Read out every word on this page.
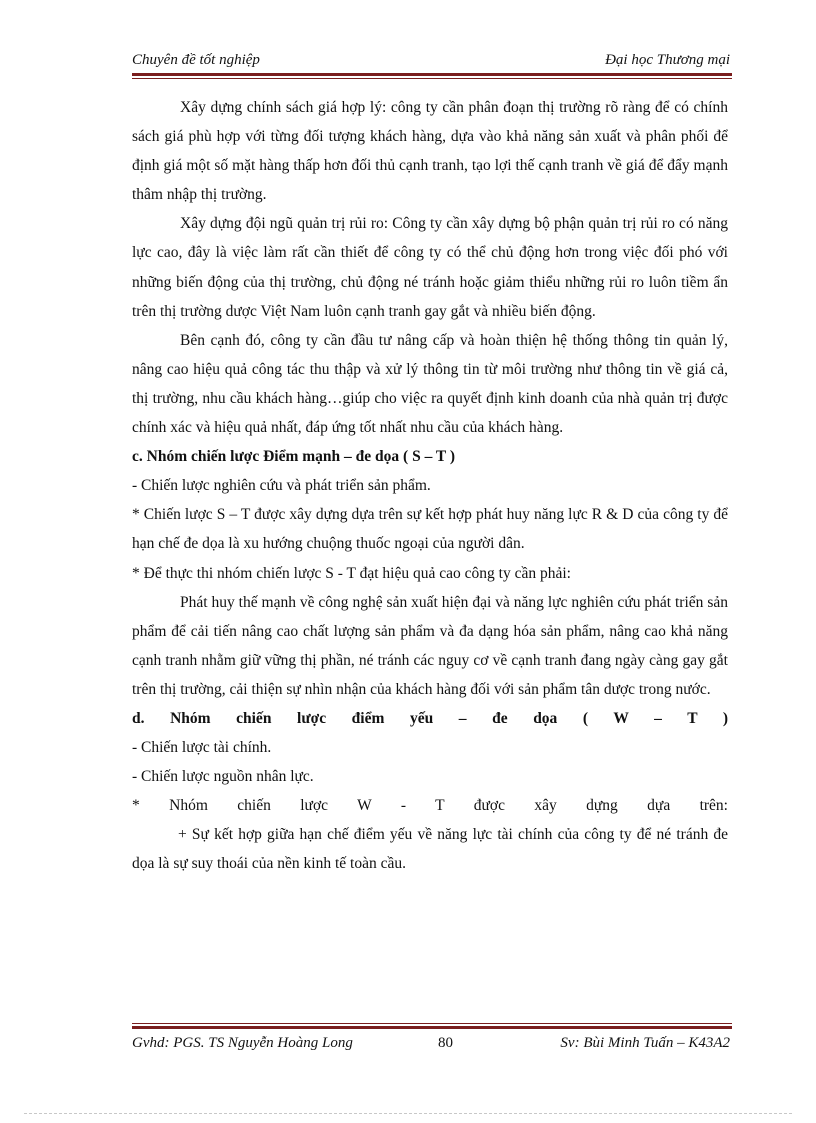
Chuyên đề tốt nghiệp	Đại học Thương mại

Xây dựng chính sách giá hợp lý: công ty cần phân đoạn thị trường rõ ràng để có chính sách giá phù hợp với từng đối tượng khách hàng, dựa vào khả năng sản xuất và phân phối để định giá một số mặt hàng thấp hơn đối thủ cạnh tranh, tạo lợi thế cạnh tranh về giá để đẩy mạnh thâm nhập thị trường.

Xây dựng đội ngũ quản trị rủi ro: Công ty cần xây dựng bộ phận quản trị rủi ro có năng lực cao, đây là việc làm rất cần thiết để công ty có thể chủ động hơn trong việc đối phó với những biến động của thị trường, chủ động né tránh hoặc giảm thiểu những rủi ro luôn tiềm ẩn trên thị trường dược Việt Nam luôn cạnh tranh gay gắt và nhiều biến động.

Bên cạnh đó, công ty cần đầu tư nâng cấp và hoàn thiện hệ thống thông tin quản lý, nâng cao hiệu quả công tác thu thập và xử lý thông tin từ môi trường như thông tin về giá cả, thị trường, nhu cầu khách hàng…giúp cho việc ra quyết định kinh doanh của nhà quản trị được chính xác và hiệu quả nhất, đáp ứng tốt nhất nhu cầu của khách hàng.

c. Nhóm chiến lược Điểm mạnh – đe dọa ( S – T )

- Chiến lược nghiên cứu và phát triển sản phẩm.

* Chiến lược S – T được xây dựng dựa trên sự kết hợp phát huy năng lực R & D của công ty để hạn chế đe dọa là xu hướng chuộng thuốc ngoại của người dân.

* Để thực thi nhóm chiến lược S - T đạt hiệu quả cao công ty cần phải:

Phát huy thế mạnh về công nghệ sản xuất hiện đại và năng lực nghiên cứu phát triển sản phẩm để cải tiến nâng cao chất lượng sản phẩm và đa dạng hóa sản phẩm, nâng cao khả năng cạnh tranh nhằm giữ vững thị phần, né tránh các nguy cơ về cạnh tranh đang ngày càng gay gắt trên thị trường, cải thiện sự nhìn nhận của khách hàng đối với sản phẩm tân dược trong nước.

d. Nhóm chiến lược điểm yếu – đe dọa ( W – T )

- Chiến lược tài chính.

- Chiến lược nguồn nhân lực.

* Nhóm chiến lược W - T được xây dựng dựa trên:

+ Sự kết hợp giữa hạn chế điểm yếu về năng lực tài chính của công ty để né tránh đe dọa là sự suy thoái của nền kinh tế toàn cầu.

Gvhd: PGS. TS Nguyễn Hoàng Long	80	Sv: Bùi Minh Tuấn – K43A2
